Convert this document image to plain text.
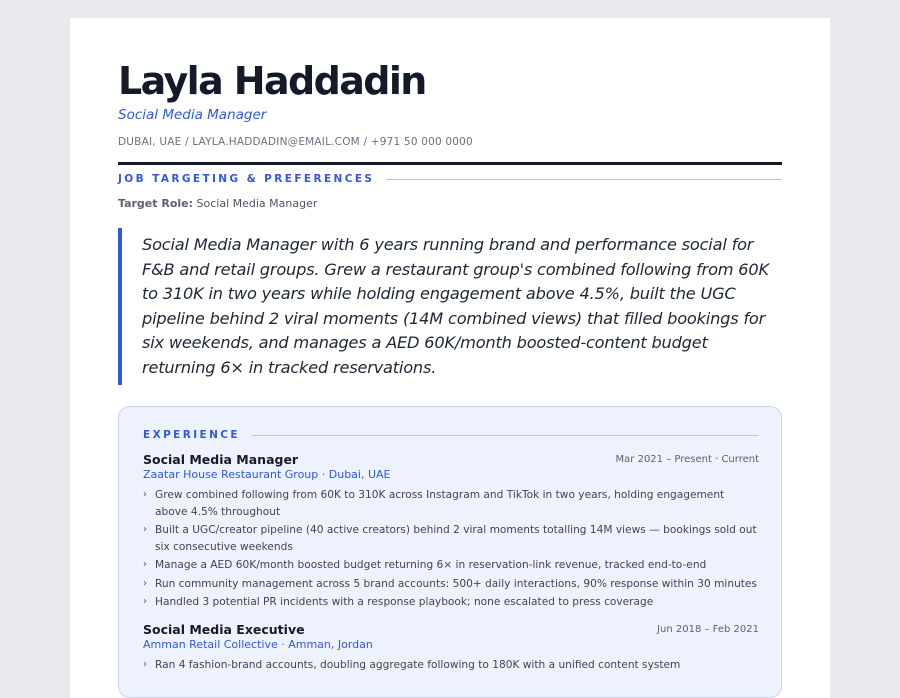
Layla Haddadin
Social Media Manager
DUBAI, UAE / LAYLA.HADDADIN@EMAIL.COM / +971 50 000 0000
JOB TARGETING & PREFERENCES
Target Role: Social Media Manager
Social Media Manager with 6 years running brand and performance social for F&B and retail groups. Grew a restaurant group's combined following from 60K to 310K in two years while holding engagement above 4.5%, built the UGC pipeline behind 2 viral moments (14M combined views) that filled bookings for six weekends, and manages a AED 60K/month boosted-content budget returning 6× in tracked reservations.
EXPERIENCE
Social Media Manager	Mar 2021 – Present · Current
Zaatar House Restaurant Group · Dubai, UAE
› Grew combined following from 60K to 310K across Instagram and TikTok in two years, holding engagement above 4.5% throughout
› Built a UGC/creator pipeline (40 active creators) behind 2 viral moments totalling 14M views — bookings sold out six consecutive weekends
› Manage a AED 60K/month boosted budget returning 6× in reservation-link revenue, tracked end-to-end
› Run community management across 5 brand accounts: 500+ daily interactions, 90% response within 30 minutes
› Handled 3 potential PR incidents with a response playbook; none escalated to press coverage
Social Media Executive	Jun 2018 – Feb 2021
Amman Retail Collective · Amman, Jordan
› Ran 4 fashion-brand accounts, doubling aggregate following to 180K with a unified content system
